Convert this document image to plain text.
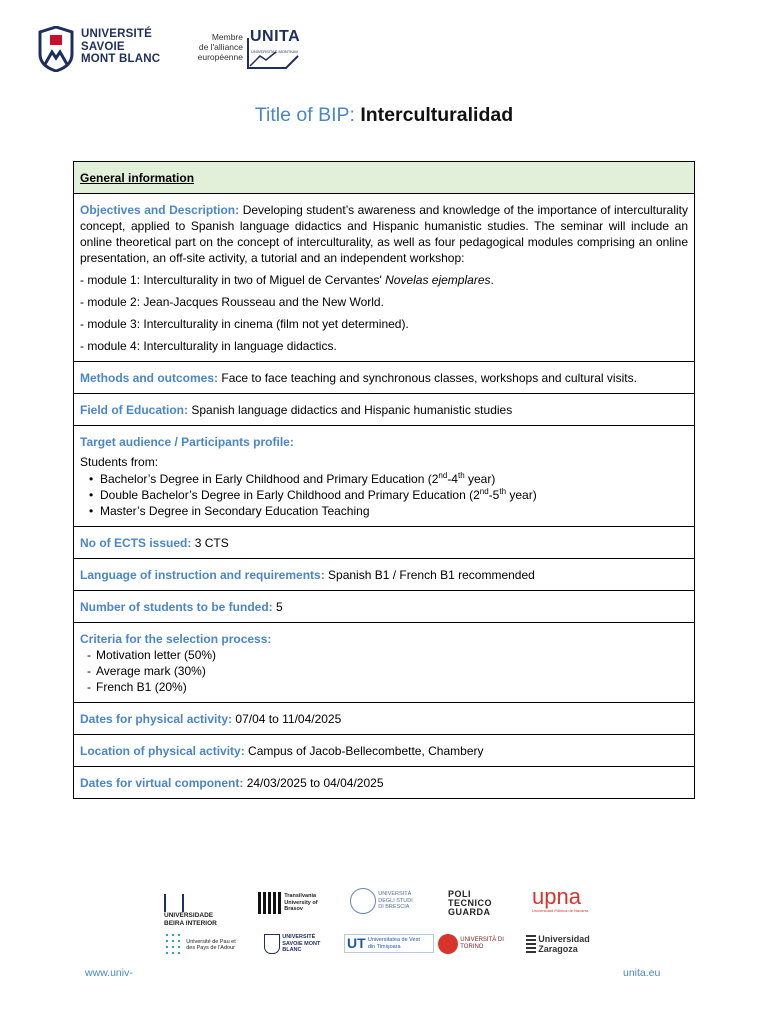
UNIVERSITÉ
SAVOIE
MONT BLANC
Membre
de l'alliance
européenne
UNITA
UNIVERSITAS MONTIUM
Title of BIP: Interculturalidad
General information

Objectives and Description: Developing student’s awareness and knowledge of the importance of interculturality concept, applied to Spanish language didactics and Hispanic humanistic studies. The seminar will include an online theoretical part on the concept of interculturality, as well as four pedagogical modules comprising an online presentation, an off-site activity, a tutorial and an independent workshop:
- module 1: Interculturality in two of Miguel de Cervantes' Novelas ejemplares.
- module 2: Jean-Jacques Rousseau and the New World.
- module 3: Interculturality in cinema (film not yet determined).
- module 4: Interculturality in language didactics.

Methods and outcomes: Face to face teaching and synchronous classes, workshops and cultural visits.
Field of Education: Spanish language didactics and Hispanic humanistic studies

Target audience / Participants profile:
Students from:
• Bachelor’s Degree in Early Childhood and Primary Education (2nd-4th year)
• Double Bachelor’s Degree in Early Childhood and Primary Education (2nd-5th year)
• Master’s Degree in Secondary Education Teaching

No of ECTS issued: 3 CTS
Language of instruction and requirements: Spanish B1 / French B1 recommended
Number of students to be funded: 5

Criteria for the selection process:
- Motivation letter (50%)
- Average mark (30%)
- French B1 (20%)

Dates for physical activity: 07/04 to 11/04/2025
Location of physical activity: Campus of Jacob-Bellecombette, Chambery
Dates for virtual component: 24/03/2025 to 04/04/2025
UNIVERSIDADE BEIRA INTERIOR
Transilvania University of Brasov
UNIVERSITÀ DEGLI STUDI DI BRESCIA
POLI TECNICO GUARDA
upna
Universidad Pública de Navarra
Université de Pau et des Pays de l'Adour
UNIVERSITÉ SAVOIE MONT BLANC	UT Universitatea de Vest din Timișoara
UNIVERSITÀ DI TORINO
Universidad Zaragoza
www.univ-	unita.eu
